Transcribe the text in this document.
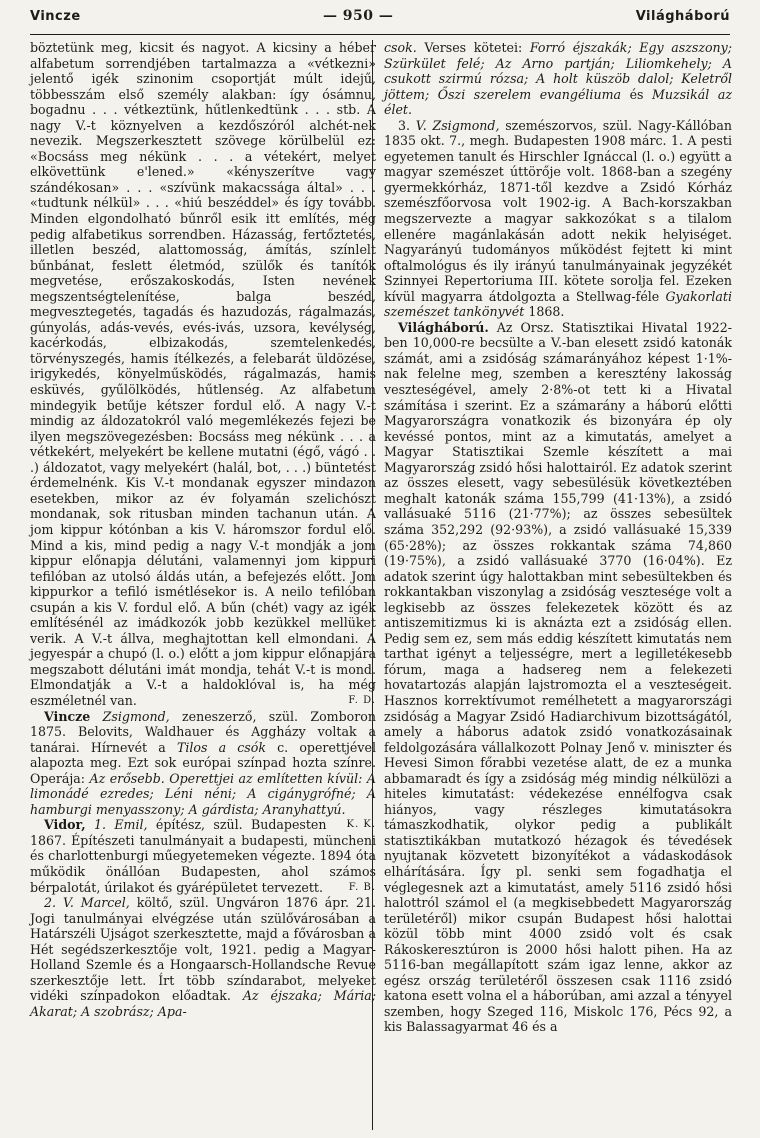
Vincze	— 950 —	Világháború

böztetünk meg, kicsit és nagyot. A kicsiny a héber alfabetum sorrendjében tartalmazza a «vétkezni» jelentő igék szinonim csoportját múlt idejű, többesszám első személy alakban: így ósámnu, bogadnu . . . vétkeztünk, hűtlenkedtünk . . . stb. A nagy V.-t köznyelven a kezdőszóról alchét-nek nevezik. Megszerkesztett szövege körülbelül ez: «Bocsáss meg nékünk . . . a vétekért, melyet elkövettünk e'lened.» «kényszerítve vagy szándékosan» . . . «szívünk makacssága által» . . . «tudtunk nélkül» . . . «hiú beszéddel» és így tovább. Minden elgondolható bűnről esik itt említés, még pedig alfabetikus sorrendben. Házasság, fertőztetés, illetlen beszéd, alattomosság, ámítás, színlelt bűnbánat, feslett életmód, szülők és tanítók megvetése, erőszakoskodás, Isten nevének megszentségtelenítése, balga beszéd, megvesztegetés, tagadás és hazudozás, rágalmazás, gúnyolás, adás-vevés, evés-ivás, uzsora, kevélység, kacérkodás, elbizakodás, szemtelenkedés, törvényszegés, hamis ítélkezés, a felebarát üldözése, irigykedés, könyelműsködés, rágalmazás, hamis esküvés, gyűlölködés, hűtlenség. Az alfabetum mindegyik betűje kétszer fordul elő. A nagy V.-t mindig az áldozatokról való megemlékezés fejezi be ilyen megszövegezésben: Bocsáss meg nékünk . . . a vétkekért, melyekért be kellene mutatni (égő, vágó . . .) áldozatot, vagy melyekért (halál, bot, . . .) büntetést érdemelnénk. Kis V.-t mondanak egyszer mindazon esetekben, mikor az év folyamán szelichószt mondanak, sok ritusban minden tachanun után. A jom kippur kótónban a kis V. háromszor fordul elő. Mind a kis, mind pedig a nagy V.-t mondják a jom kippur előnapja délutáni, valamennyi jom kippuri tefilóban az utolsó áldás után, a befejezés előtt. Jom kippurkor a tefiló ismétlésekor is. A neilo tefilóban csupán a kis V. fordul elő. A bűn (chét) vagy az igék említésénél az imádkozók jobb kezükkel mellüket verik. A V.-t állva, meghajtottan kell elmondani. A jegyespár a chupó (l. o.) előtt a jom kippur előnapjára megszabott délutáni imát mondja, tehát V.-t is mond. Elmondatják a V.-t a haldoklóval is, ha még eszméletnél van.	F. D.

Vincze Zsigmond, zeneszerző, szül. Zomboron 1875. Belovits, Waldhauer és Aggházy voltak a tanárai. Hírnevét a Tilos a csók c. operettjével alapozta meg. Ezt sok európai színpad hozta színre. Operája: Az erősebb. Operettjei az említetten kívül: A limonádé ezredes; Léni néni; A cigánygrófné; A hamburgi menyasszony; A gárdista; Aranyhattyú.
K. K.

Vidor, 1. Emil, építész, szül. Budapesten 1867. Építészeti tanulmányait a budapesti, müncheni és charlottenburgi műegyetemeken végezte. 1894 óta működik önállóan Budapesten, ahol számos bérpalotát, úrilakot és gyárépületet tervezett.	F. B.

2. V. Marcel, költő, szül. Ungváron 1876 ápr. 21. Jogi tanulmányai elvégzése után szülővárosában a Határszéli Ujságot szerkesztette, majd a fővárosban a Hét segédszerkesztője volt, 1921. pedig a Magyar-Holland Szemle és a Hongaarsch-Hollandsche Revue szerkesztője lett. Írt több színdarabot, melyeket vidéki színpadokon előadtak. Az éjszaka; Mária; Akarat; A szobrász; Apa-

csok. Verses kötetei: Forró éjszakák; Egy aszszony; Szürkület felé; Az Arno partján; Liliomkehely; A csukott szirmú rózsa; A holt küszöb dalol; Keletről jöttem; Őszi szerelem evangéliuma és Muzsikál az élet.

3. V. Zsigmond, szemészorvos, szül. Nagy-Kállóban 1835 okt. 7., megh. Budapesten 1908 márc. 1. A pesti egyetemen tanult és Hirschler Ignáccal (l. o.) együtt a magyar szemészet úttörője volt. 1868-ban a szegény gyermekkórház, 1871-től kezdve a Zsidó Kórház szemészfőorvosa volt 1902-ig. A Bach-korszakban megszervezte a magyar sakkozókat s a tilalom ellenére magánlakásán adott nekik helyiséget. Nagyarányú tudományos működést fejtett ki mint oftalmológus és ily irányú tanulmányainak jegyzékét Szinnyei Repertoriuma III. kötete sorolja fel. Ezeken kívül magyarra átdolgozta a Stellwag-féle Gyakorlati szemészet tankönyvét 1868.

Világháború. Az Orsz. Statisztikai Hivatal 1922-ben 10,000-re becsülte a V.-ban elesett zsidó katonák számát, ami a zsidóság számarányához képest 1·1%-nak felelne meg, szemben a keresztény lakosság veszteségével, amely 2·8%-ot tett ki a Hivatal számítása i szerint. Ez a számarány a háború előtti Magyarországra vonatkozik és bizonyára ép oly kevéssé pontos, mint az a kimutatás, amelyet a Magyar Statisztikai Szemle készített a mai Magyarország zsidó hősi halottairól. Ez adatok szerint az összes elesett, vagy sebesülésük következtében meghalt katonák száma 155,799 (41·13%), a zsidó vallásuaké 5116 (21·77%); az összes sebesültek száma 352,292 (92·93%), a zsidó vallásuaké 15,339 (65·28%); az összes rokkantak száma 74,860 (19·75%), a zsidó vallásuaké 3770 (16·04%). Ez adatok szerint úgy halottakban mint sebesültekben és rokkantakban viszonylag a zsidóság vesztesége volt a legkisebb az összes felekezetek között és az antiszemitizmus ki is aknázta ezt a zsidóság ellen. Pedig sem ez, sem más eddig készített kimutatás nem tarthat igényt a teljességre, mert a legilletékesebb fórum, maga a hadsereg nem a felekezeti hovatartozás alapján lajstromozta el a veszteségeit. Hasznos korrektívumot remélhetett a magyarországi zsidóság a Magyar Zsidó Hadiarchivum bizottságától, amely a háborus adatok zsidó vonatkozásainak feldolgozására vállalkozott Polnay Jenő v. miniszter és Hevesi Simon főrabbi vezetése alatt, de ez a munka abbamaradt és így a zsidóság még mindig nélkülözi a hiteles kimutatást: védekezése ennélfogva csak hiányos, vagy részleges kimutatásokra támaszkodhatik, olykor pedig a publikált statisztikákban mutatkozó hézagok és tévedések nyujtanak közvetett bizonyítékot a vádaskodások elhárítására. Így pl. senki sem fogadhatja el véglegesnek azt a kimutatást, amely 5116 zsidó hősi halottról számol el (a megkisebbedett Magyarország területéről) mikor csupán Budapest hősi halottai közül több mint 4000 zsidó volt és csak Rákoskeresztúron is 2000 hősi halott pihen. Ha az 5116-ban megállapított szám igaz lenne, akkor az egész ország területéről összesen csak 1116 zsidó katona esett volna el a háborúban, ami azzal a tényyel szemben, hogy Szeged 116, Miskolc 176, Pécs 92, a kis Balassagyarmat 46 és a
